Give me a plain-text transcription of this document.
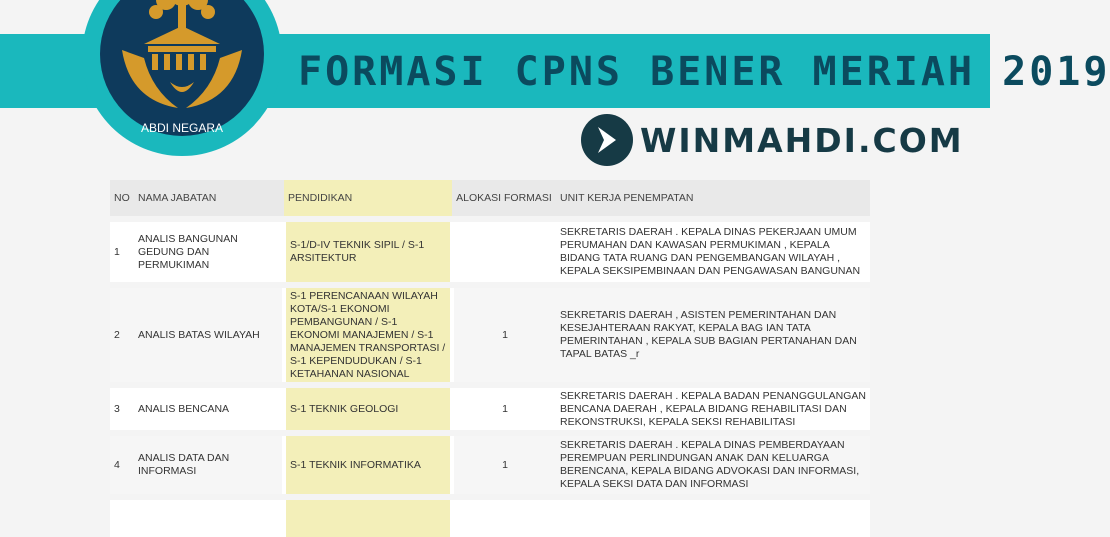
ABDI NEGARA
FORMASI CPNS BENER MERIAH 2019
WINMAHDI.COM
NO	NAMA JABATAN	PENDIDIKAN	ALOKASI FORMASI	UNIT KERJA PENEMPATAN
1	ANALIS BANGUNAN GEDUNG DAN PERMUKIMAN	S-1/D-IV TEKNIK SIPIL / S-1 ARSITEKTUR		SEKRETARIS DAERAH . KEPALA DINAS PEKERJAAN UMUM PERUMAHAN DAN KAWASAN PERMUKIMAN , KEPALA BIDANG TATA RUANG DAN PENGEMBANGAN WILAYAH , KEPALA SEKSIPEMBINAAN DAN PENGAWASAN BANGUNAN
2	ANALIS BATAS WILAYAH	S-1 PERENCANAAN WILAYAH KOTA/S-1 EKONOMI PEMBANGUNAN / S-1 EKONOMI MANAJEMEN / S-1 MANAJEMEN TRANSPORTASI / S-1 KEPENDUDUKAN / S-1 KETAHANAN NASIONAL	1	SEKRETARIS DAERAH , ASISTEN PEMERINTAHAN DAN KESEJAHTERAAN RAKYAT, KEPALA BAG IAN TATA PEMERINTAHAN , KEPALA SUB BAGIAN PERTANAHAN DAN TAPAL BATAS _r
3	ANALIS BENCANA	S-1 TEKNIK GEOLOGI	1	SEKRETARIS DAERAH . KEPALA BADAN PENANGGULANGAN BENCANA DAERAH , KEPALA BIDANG REHABILITASI DAN REKONSTRUKSI, KEPALA SEKSI REHABILITASI
4	ANALIS DATA DAN INFORMASI	S-1 TEKNIK INFORMATIKA	1	SEKRETARIS DAERAH . KEPALA DINAS PEMBERDAYAAN PEREMPUAN PERLINDUNGAN ANAK DAN KELUARGA BERENCANA, KEPALA BIDANG ADVOKASI DAN INFORMASI, KEPALA SEKSI DATA DAN INFORMASI
